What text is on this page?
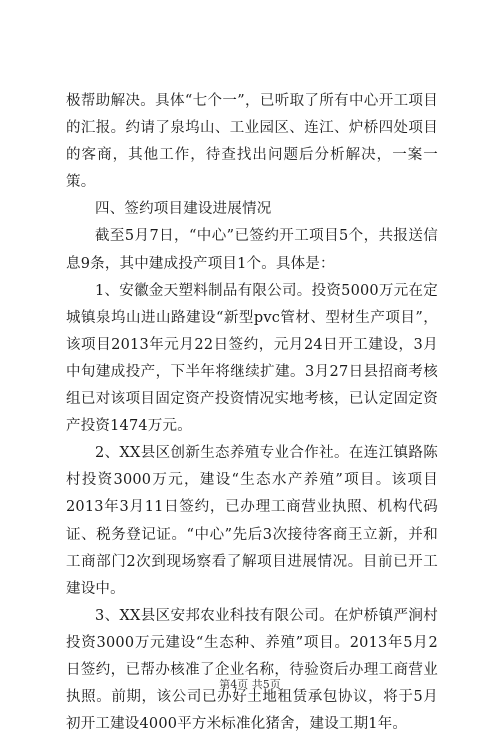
极帮助解决。具体“七个一”，已听取了所有中心开工项目的汇报。约请了泉坞山、工业园区、连江、炉桥四处项目的客商，其他工作，待查找出问题后分析解决，一案一策。

四、签约项目建设进展情况

截至5月7日，“中心”已签约开工项目5个，共报送信息9条，其中建成投产项目1个。具体是：

1、安徽金天塑料制品有限公司。投资5000万元在定城镇泉坞山进山路建设“新型pvc管材、型材生产项目”，该项目2013年元月22日签约，元月24日开工建设，3月中旬建成投产，下半年将继续扩建。3月27日县招商考核组已对该项目固定资产投资情况实地考核，已认定固定资产投资1474万元。

2、XX县区创新生态养殖专业合作社。在连江镇路陈村投资3000万元，建设“生态水产养殖”项目。该项目2013年3月11日签约，已办理工商营业执照、机构代码证、税务登记证。“中心”先后3次接待客商王立新，并和工商部门2次到现场察看了解项目进展情况。目前已开工建设中。

3、XX县区安邦农业科技有限公司。在炉桥镇严涧村投资3000万元建设“生态种、养殖”项目。2013年5月2日签约，已帮办核准了企业名称，待验资后办理工商营业执照。前期，该公司已办好土地租赁承包协议，将于5月初开工建设4000平方米标准化猪舍，建设工期1年。

第4页 共5页
